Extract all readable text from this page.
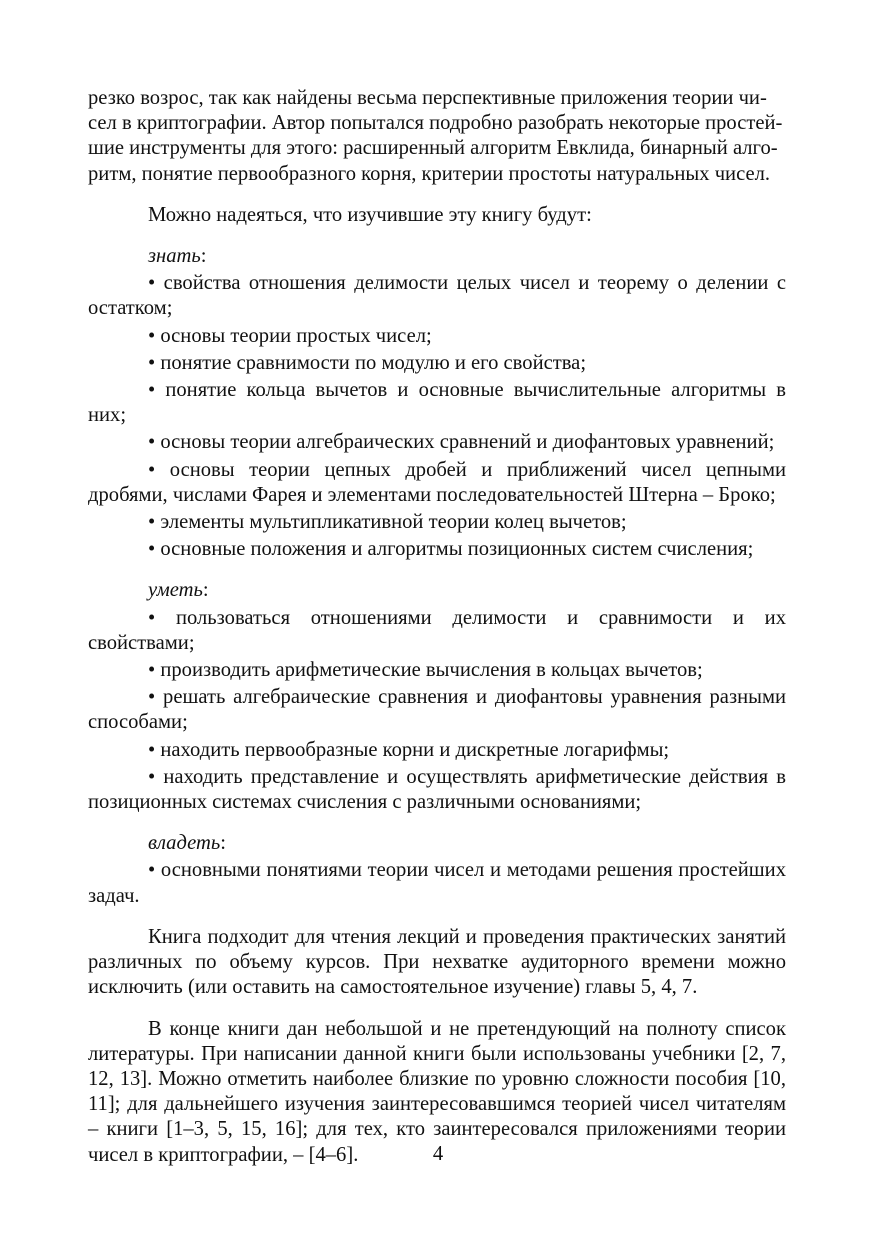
резко возрос, так как найдены весьма перспективные приложения теории чи-
сел в криптографии. Автор попытался подробно разобрать некоторые простей-
шие инструменты для этого: расширенный алгоритм Евклида, бинарный алго-
ритм, понятие первообразного корня, критерии простоты натуральных чисел.

Можно надеяться, что изучившие эту книгу будут:

знать:

• свойства отношения делимости целых чисел и теорему о делении с остатком;

• основы теории простых чисел;

• понятие сравнимости по модулю и его свойства;

• понятие кольца вычетов и основные вычислительные алгоритмы в них;

• основы теории алгебраических сравнений и диофантовых уравнений;

• основы теории цепных дробей и приближений чисел цепными дробями, числами Фарея и элементами последовательностей Штерна – Броко;

• элементы мультипликативной теории колец вычетов;

• основные положения и алгоритмы позиционных систем счисления;

уметь:

• пользоваться отношениями делимости и сравнимости и их свойствами;

• производить арифметические вычисления в кольцах вычетов;

• решать алгебраические сравнения и диофантовы уравнения разными способами;

• находить первообразные корни и дискретные логарифмы;

• находить представление и осуществлять арифметические действия в позиционных системах счисления с различными основаниями;

владеть:

• основными понятиями теории чисел и методами решения простейших задач.

Книга подходит для чтения лекций и проведения практических занятий различных по объему курсов. При нехватке аудиторного времени можно исключить (или оставить на самостоятельное изучение) главы 5, 4, 7.

В конце книги дан небольшой и не претендующий на полноту список литературы. При написании данной книги были использованы учебники [2, 7, 12, 13]. Можно отметить наиболее близкие по уровню сложности пособия [10, 11]; для дальнейшего изучения заинтересовавшимся теорией чисел читателям – книги [1–3, 5, 15, 16]; для тех, кто заинтересовался приложениями теории чисел в криптографии, – [4–6].	4
